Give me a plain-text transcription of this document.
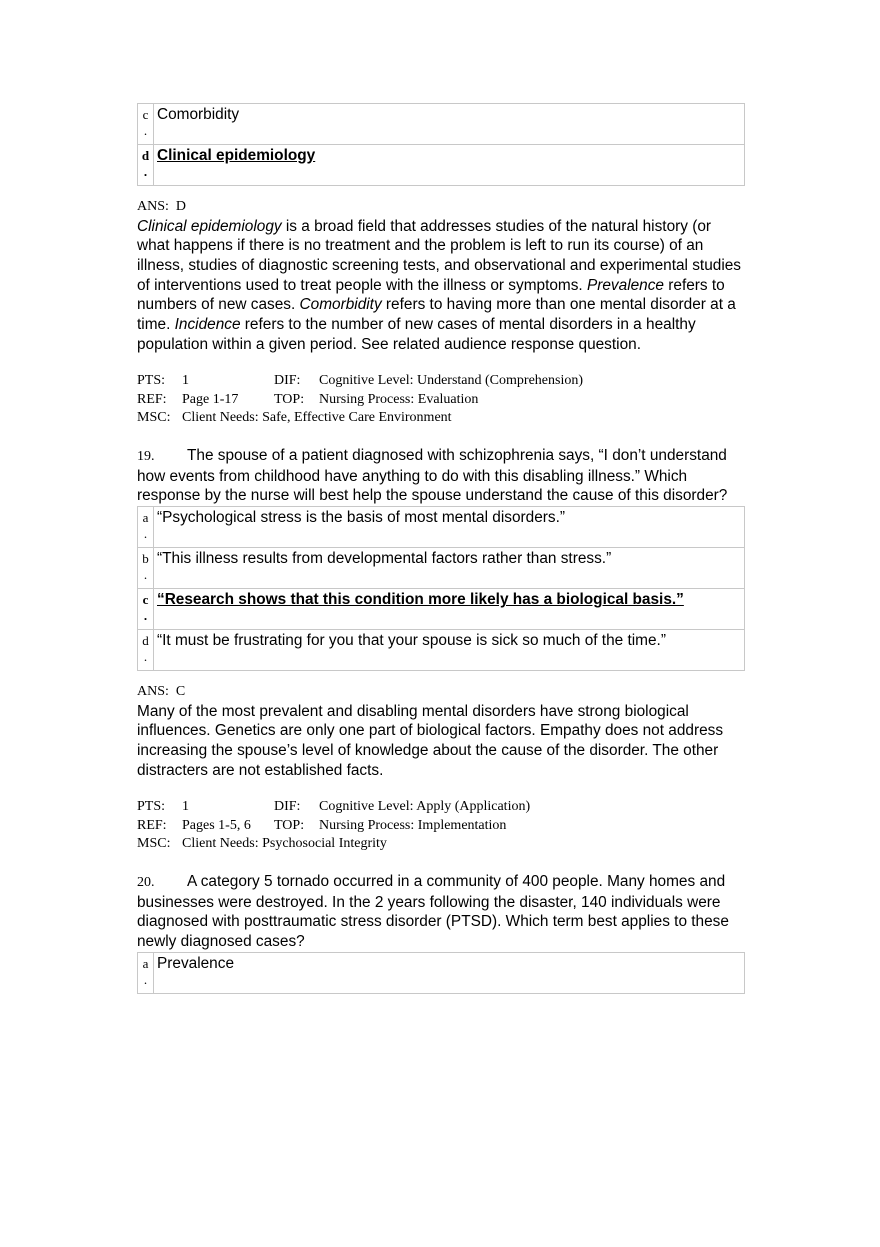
c
.	Comorbidity

d
.	Clinical epidemiology
ANS: D
Clinical epidemiology is a broad field that addresses studies of the natural history (or what happens if there is no treatment and the problem is left to run its course) of an illness, studies of diagnostic screening tests, and observational and experimental studies of interventions used to treat people with the illness or symptoms. Prevalence refers to numbers of new cases. Comorbidity refers to having more than one mental disorder at a time. Incidence refers to the number of new cases of mental disorders in a healthy population within a given period. See related audience response question.
PTS:	1	DIF:	Cognitive Level: Understand (Comprehension)
REF:	Page 1-17	TOP:	Nursing Process: Evaluation
MSC: Client Needs: Safe, Effective Care Environment
19. The spouse of a patient diagnosed with schizophrenia says, “I don’t understand how events from childhood have anything to do with this disabling illness.” Which response by the nurse will best help the spouse understand the cause of this disorder?
a
.	“Psychological stress is the basis of most mental disorders.”

b
.	“This illness results from developmental factors rather than stress.”

c
.	“Research shows that this condition more likely has a biological basis.”

d
.	“It must be frustrating for you that your spouse is sick so much of the time.”
ANS: C
Many of the most prevalent and disabling mental disorders have strong biological influences. Genetics are only one part of biological factors. Empathy does not address increasing the spouse’s level of knowledge about the cause of the disorder. The other distracters are not established facts.
PTS:	1	DIF:	Cognitive Level: Apply (Application)
REF:	Pages 1-5, 6	TOP:	Nursing Process: Implementation
MSC: Client Needs: Psychosocial Integrity
20. A category 5 tornado occurred in a community of 400 people. Many homes and businesses were destroyed. In the 2 years following the disaster, 140 individuals were diagnosed with posttraumatic stress disorder (PTSD). Which term best applies to these newly diagnosed cases?
a
.
	Prevalence
